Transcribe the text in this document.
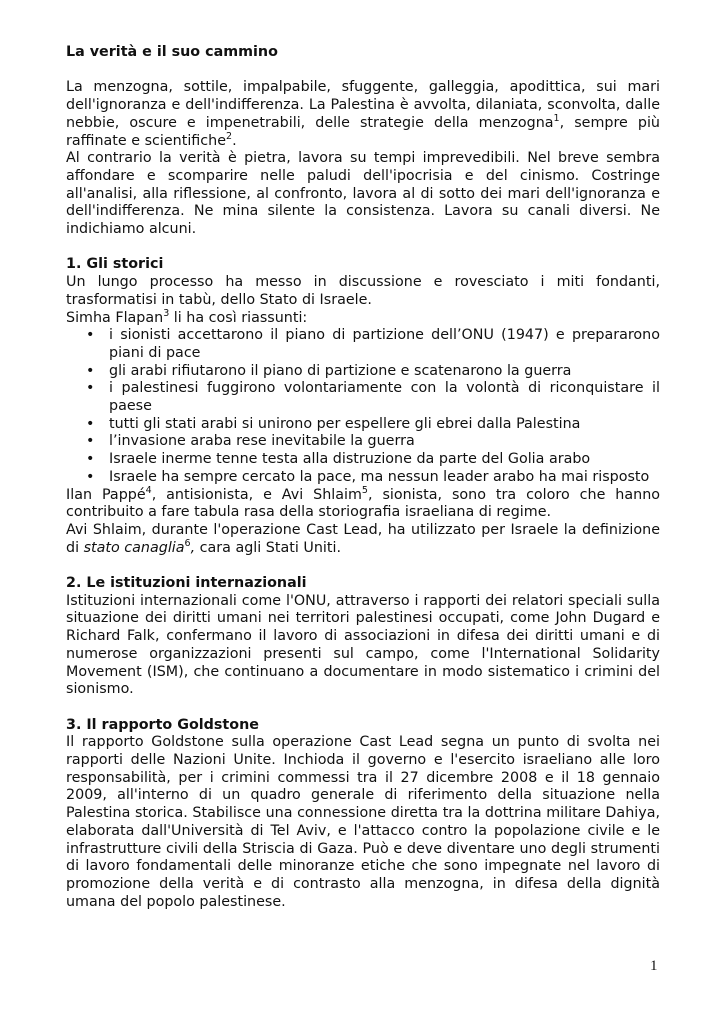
La verità e il suo cammino

La menzogna, sottile, impalpabile, sfuggente, galleggia, apodittica, sui mari dell'ignoranza e dell'indifferenza. La Palestina è avvolta, dilaniata, sconvolta, dalle nebbie, oscure e impenetrabili, delle strategie della menzogna$^1$, sempre più raffinate e scientifiche$^2$.

Al contrario la verità è pietra, lavora su tempi imprevedibili. Nel breve sembra affondare e scomparire nelle paludi dell'ipocrisia e del cinismo. Costringe all'analisi, alla riflessione, al confronto, lavora al di sotto dei mari dell'ignoranza e dell'indifferenza. Ne mina silente la consistenza. Lavora su canali diversi. Ne indichiamo alcuni.

1. Gli storici

Un lungo processo ha messo in discussione e rovesciato i miti fondanti, trasformatisi in tabù, dello Stato di Israele.

Simha Flapan$^3$ li ha così riassunti:

• i sionisti accettarono il piano di partizione dell’ONU (1947) e prepararono piani di pace
• gli arabi rifiutarono il piano di partizione e scatenarono la guerra
• i palestinesi fuggirono volontariamente con la volontà di riconquistare il paese
• tutti gli stati arabi si unirono per espellere gli ebrei dalla Palestina
• l’invasione araba rese inevitabile la guerra
• Israele inerme tenne testa alla distruzione da parte del Golia arabo
• Israele ha sempre cercato la pace, ma nessun leader arabo ha mai risposto

Ilan Pappé$^4$, antisionista, e Avi Shlaim$^5$, sionista, sono tra coloro che hanno contribuito a fare tabula rasa della storiografia israeliana di regime.

Avi Shlaim, durante l'operazione Cast Lead, ha utilizzato per Israele la definizione di stato canaglia$^6$, cara agli Stati Uniti.

2. Le istituzioni internazionali

Istituzioni internazionali come l'ONU, attraverso i rapporti dei relatori speciali sulla situazione dei diritti umani nei territori palestinesi occupati, come John Dugard e Richard Falk, confermano il lavoro di associazioni in difesa dei diritti umani e di numerose organizzazioni presenti sul campo, come l'International Solidarity Movement (ISM), che continuano a documentare in modo sistematico i crimini del sionismo.

3. Il rapporto Goldstone

Il rapporto Goldstone sulla operazione Cast Lead segna un punto di svolta nei rapporti delle Nazioni Unite. Inchioda il governo e l'esercito israeliano alle loro responsabilità, per i crimini commessi tra il 27 dicembre 2008 e il 18 gennaio 2009, all'interno di un quadro generale di riferimento della situazione nella Palestina storica. Stabilisce una connessione diretta tra la dottrina militare Dahiya, elaborata dall'Università di Tel Aviv, e l'attacco contro la popolazione civile e le infrastrutture civili della Striscia di Gaza. Può e deve diventare uno degli strumenti di lavoro fondamentali delle minoranze etiche che sono impegnate nel lavoro di promozione della verità e di contrasto alla menzogna, in difesa della dignità umana del popolo palestinese.

1
